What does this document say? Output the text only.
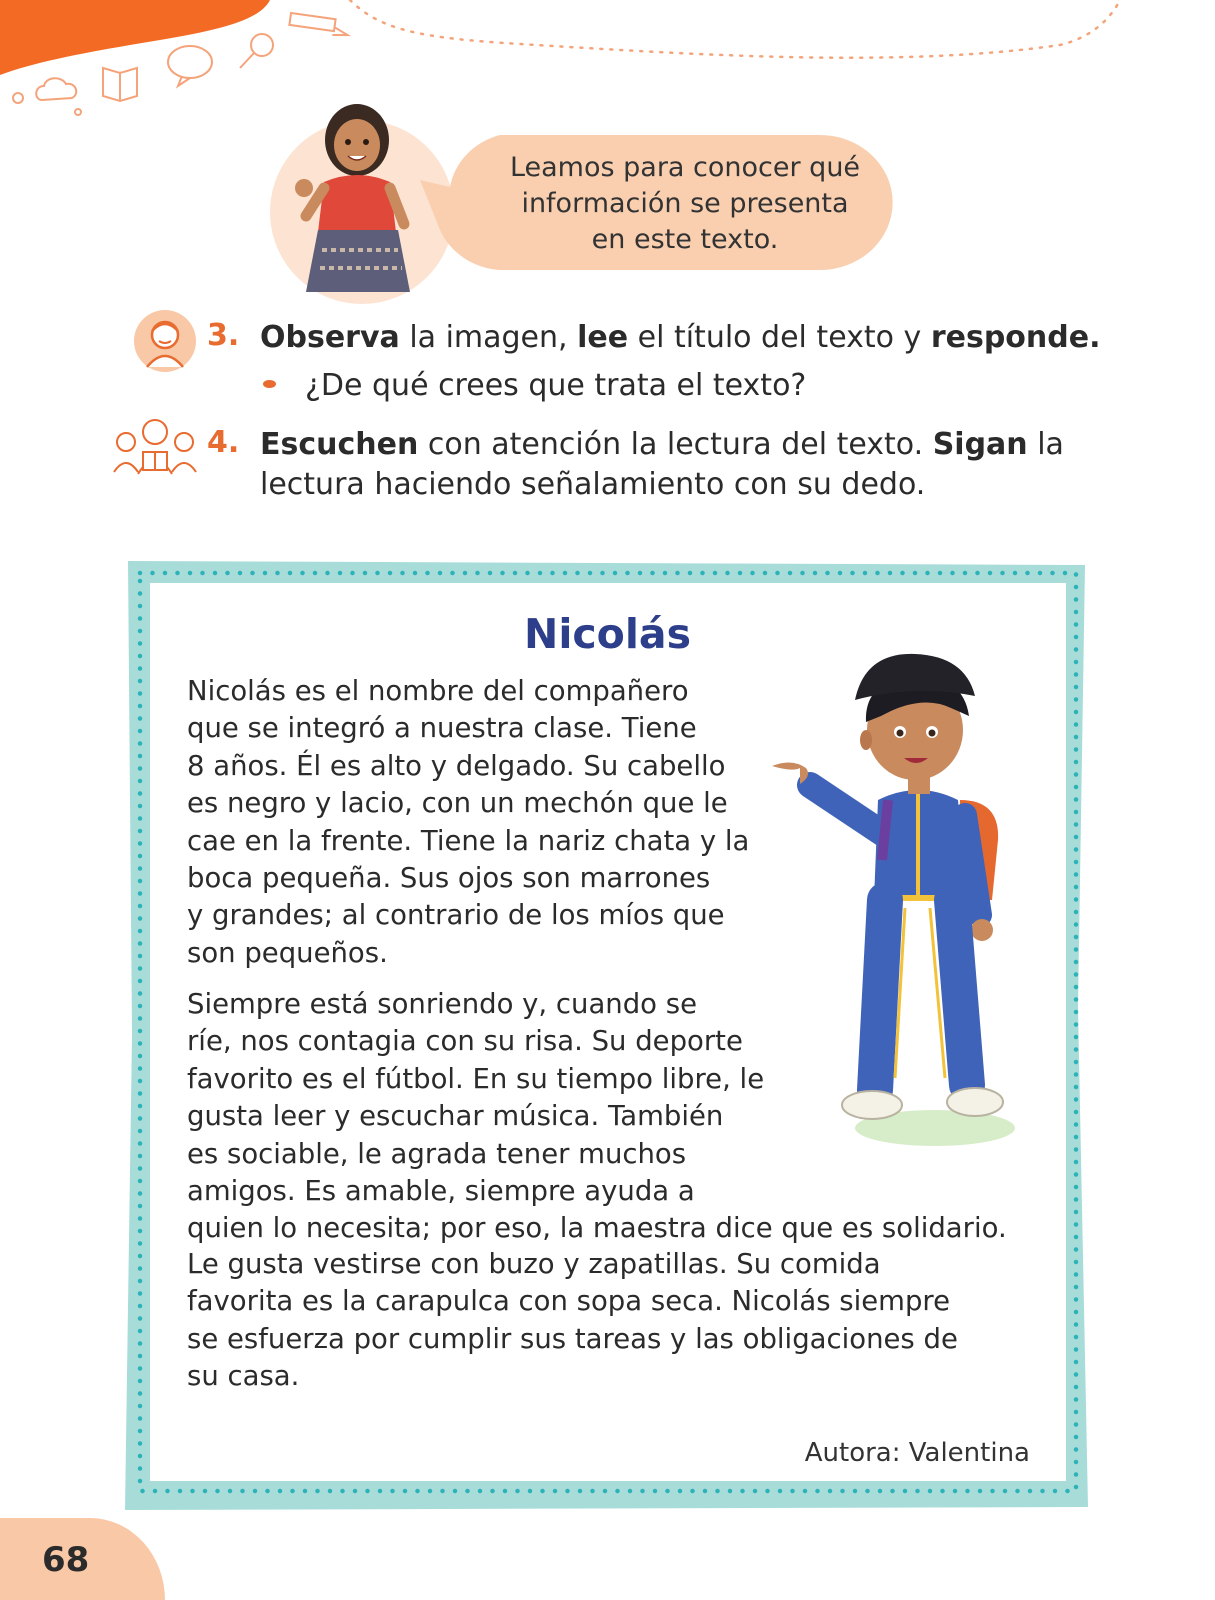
Leamos para conocer qué
información se presenta
en este texto.
3. Observa la imagen, lee el título del texto y responde.
¿De qué crees que trata el texto?
4. Escuchen con atención la lectura del texto. Sigan la lectura haciendo señalamiento con su dedo.
Nicolás
Nicolás es el nombre del compañero
que se integró a nuestra clase. Tiene
8 años. Él es alto y delgado. Su cabello
es negro y lacio, con un mechón que le
cae en la frente. Tiene la nariz chata y la
boca pequeña. Sus ojos son marrones
y grandes; al contrario de los míos que
son pequeños.
Siempre está sonriendo y, cuando se
ríe, nos contagia con su risa. Su deporte
favorito es el fútbol. En su tiempo libre, le
gusta leer y escuchar música. También
es sociable, le agrada tener muchos
amigos. Es amable, siempre ayuda a
quien lo necesita; por eso, la maestra dice que es solidario.
Le gusta vestirse con buzo y zapatillas. Su comida
favorita es la carapulca con sopa seca. Nicolás siempre
se esfuerza por cumplir sus tareas y las obligaciones de
su casa.
Autora: Valentina
68
